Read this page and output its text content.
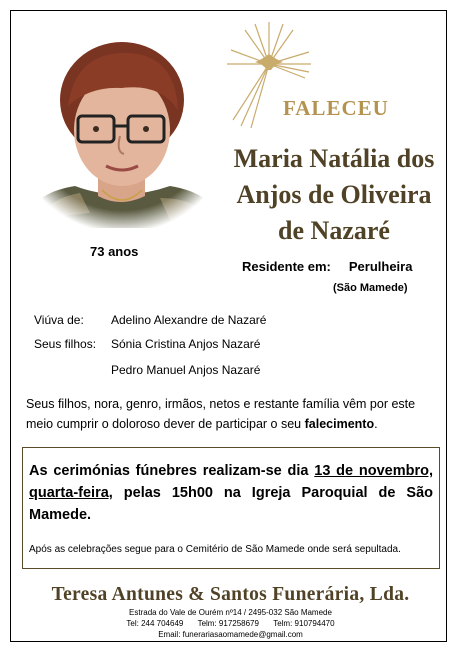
FALECEU
Maria Natália dos
Anjos de Oliveira
de Nazaré
73 anos
Residente em: Perulheira
(São Mamede)
Viúva de: Adelino Alexandre de Nazaré
Seus filhos: Sónia Cristina Anjos Nazaré
Pedro Manuel Anjos Nazaré
Seus filhos, nora, genro, irmãos, netos e restante família vêm por este meio cumprir o doloroso dever de participar o seu falecimento.
As cerimónias fúnebres realizam-se dia 13 de novembro, quarta-feira, pelas 15h00 na Igreja Paroquial de São Mamede.
Após as celebrações segue para o Cemitério de São Mamede onde será sepultada.
Teresa Antunes & Santos Funerária, Lda.
Estrada do Vale de Ourém nº14 / 2495-032 São Mamede
Tel: 244 704649 Telm: 917258679 Telm: 910794470
Email: funerariasaomamede@gmail.com
